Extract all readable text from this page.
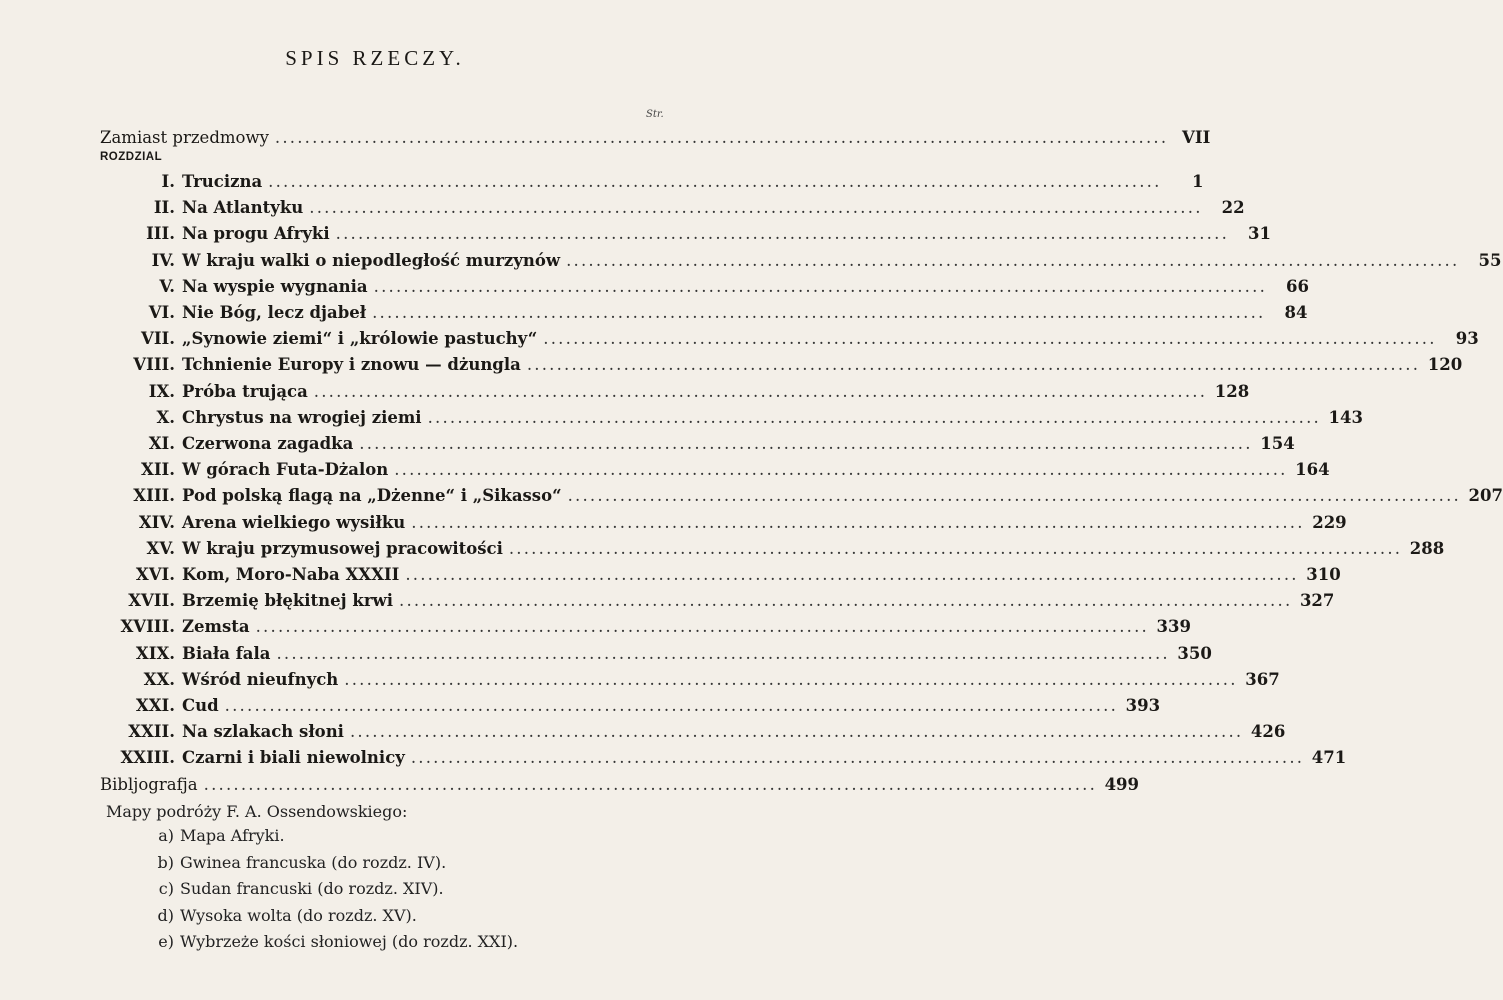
SPIS RZECZY.
Str.
Zamiast przedmowy ........................................................................................................................ VII
ROZDZIAL
I. Trucizna ........................................................................................................................	1
II. Na Atlantyku ........................................................................................................................	22
III. Na progu Afryki ........................................................................................................................	31
IV. W kraju walki o niepodległość murzynów ........................................................................................................................	55
V. Na wyspie wygnania ........................................................................................................................	66
VI. Nie Bóg, lecz djabeł ........................................................................................................................	84
VII. „Synowie ziemi“ i „królowie pastuchy“ ........................................................................................................................	93
VIII. Tchnienie Europy i znowu — dżungla ........................................................................................................................ 120
IX. Próba trująca ........................................................................................................................ 128
X. Chrystus na wrogiej ziemi ........................................................................................................................ 143
XI. Czerwona zagadka ........................................................................................................................ 154
XII. W górach Futa-Dżalon ........................................................................................................................ 164
XIII. Pod polską flagą na „Dżenne“ i „Sikasso“ ........................................................................................................................ 207
XIV. Arena wielkiego wysiłku ........................................................................................................................ 229
XV. W kraju przymusowej pracowitości ........................................................................................................................ 288
XVI. Kom, Moro-Naba XXXII ........................................................................................................................ 310
XVII. Brzemię błękitnej krwi ........................................................................................................................ 327
XVIII. Zemsta ........................................................................................................................ 339
XIX. Biała fala ........................................................................................................................ 350
XX. Wśród nieufnych ........................................................................................................................ 367
XXI. Cud ........................................................................................................................ 393
XXII. Na szlakach słoni ........................................................................................................................ 426
XXIII. Czarni i biali niewolnicy ........................................................................................................................ 471
Bibljografja ........................................................................................................................ 499
Mapy podróży F. A. Ossendowskiego:
a) Mapa Afryki.
b) Gwinea francuska (do rozdz. IV).
c) Sudan francuski (do rozdz. XIV).
d) Wysoka wolta (do rozdz. XV).
e) Wybrzeże kości słoniowej (do rozdz. XXI).
